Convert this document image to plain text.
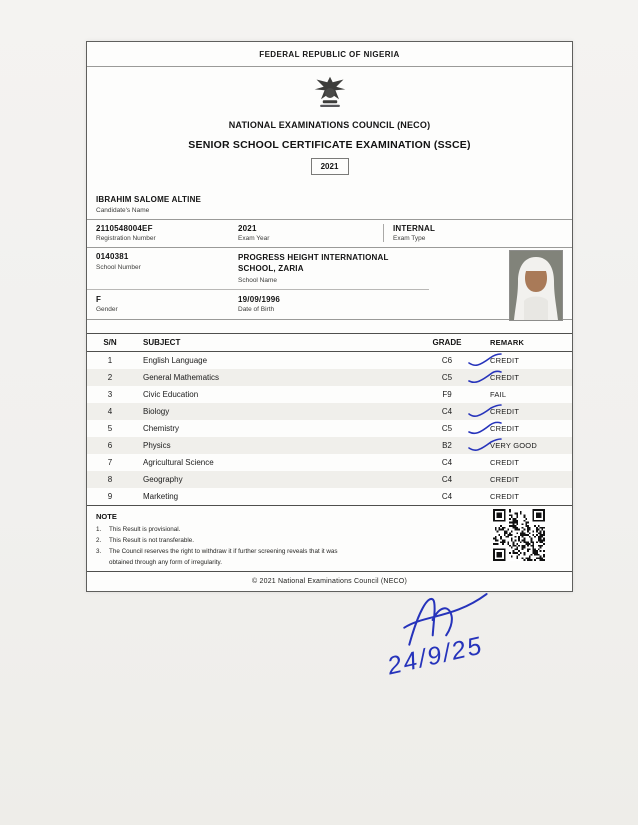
FEDERAL REPUBLIC OF NIGERIA
NATIONAL EXAMINATIONS COUNCIL (NECO)
SENIOR SCHOOL CERTIFICATE EXAMINATION (SSCE)
2021
IBRAHIM SALOME ALTINE
Candidate's Name
2110548004EF
Registration Number
2021
Exam Year
INTERNAL
Exam Type
0140381
School Number
PROGRESS HEIGHT INTERNATIONAL SCHOOL, ZARIA
School Name
F
Gender
19/09/1996
Date of Birth
S/N	SUBJECT	GRADE	REMARK
1	English Language	C6	CREDIT
2	General Mathematics	C5	CREDIT
3	Civic Education	F9	FAIL
4	Biology	C4	CREDIT
5	Chemistry	C5	CREDIT
6	Physics	B2	VERY GOOD
7	Agricultural Science	C4	CREDIT
8	Geography	C4	CREDIT
9	Marketing	C4	CREDIT
NOTE
1.	This Result is provisional.
2.	This Result is not transferable.
3.	The Council reserves the right to withdraw it if further screening reveals that it was obtained through any form of irregularity.
© 2021 National Examinations Council (NECO)
24/9/25
